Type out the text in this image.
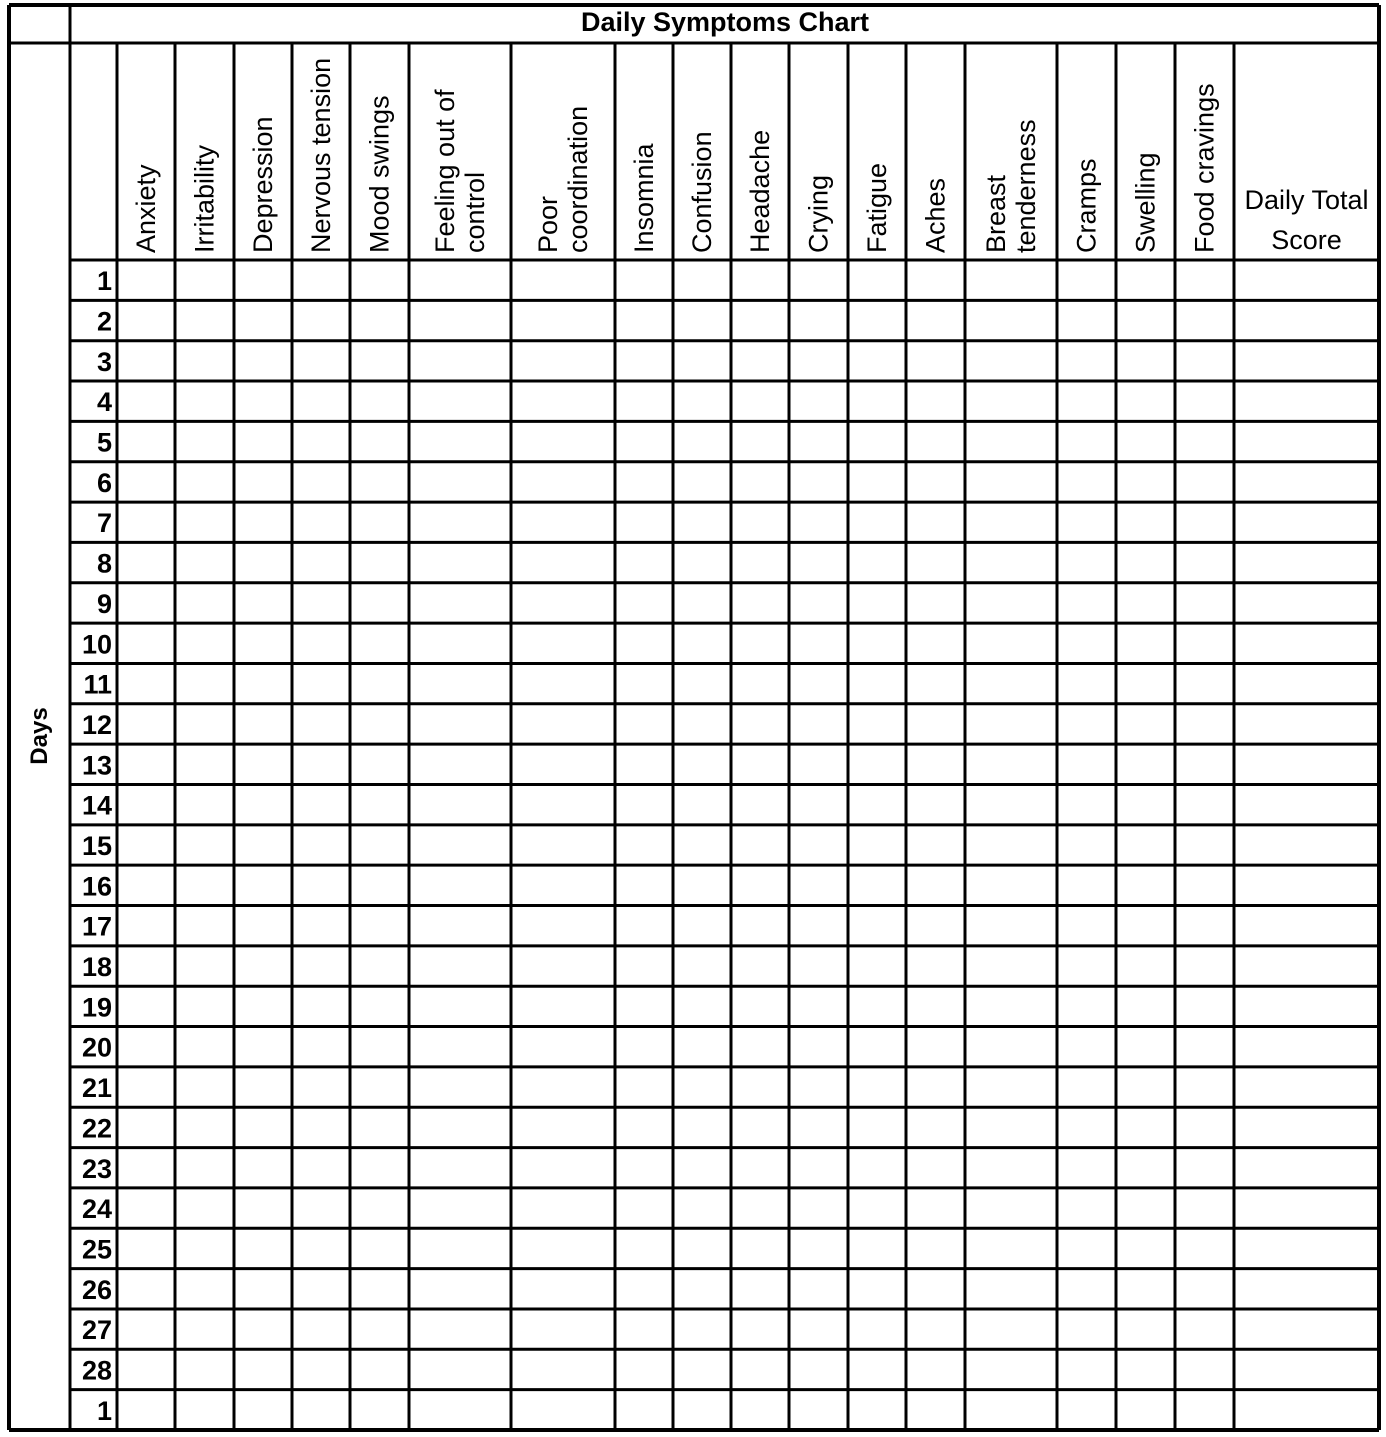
Daily Symptoms Chart
Days
Anxiety Irritability Depression Nervous tension Mood swings Feeling out of control Poor coordination Insomnia Confusion Headache Crying Fatigue Aches Breast tenderness Cramps Swelling Food cravings Daily Total
Score
1
2
3
4
5
6
7
8
9
10
11
12
13
14
15
16
17
18
19
20
21
22
23
24
25
26
27
28
1
